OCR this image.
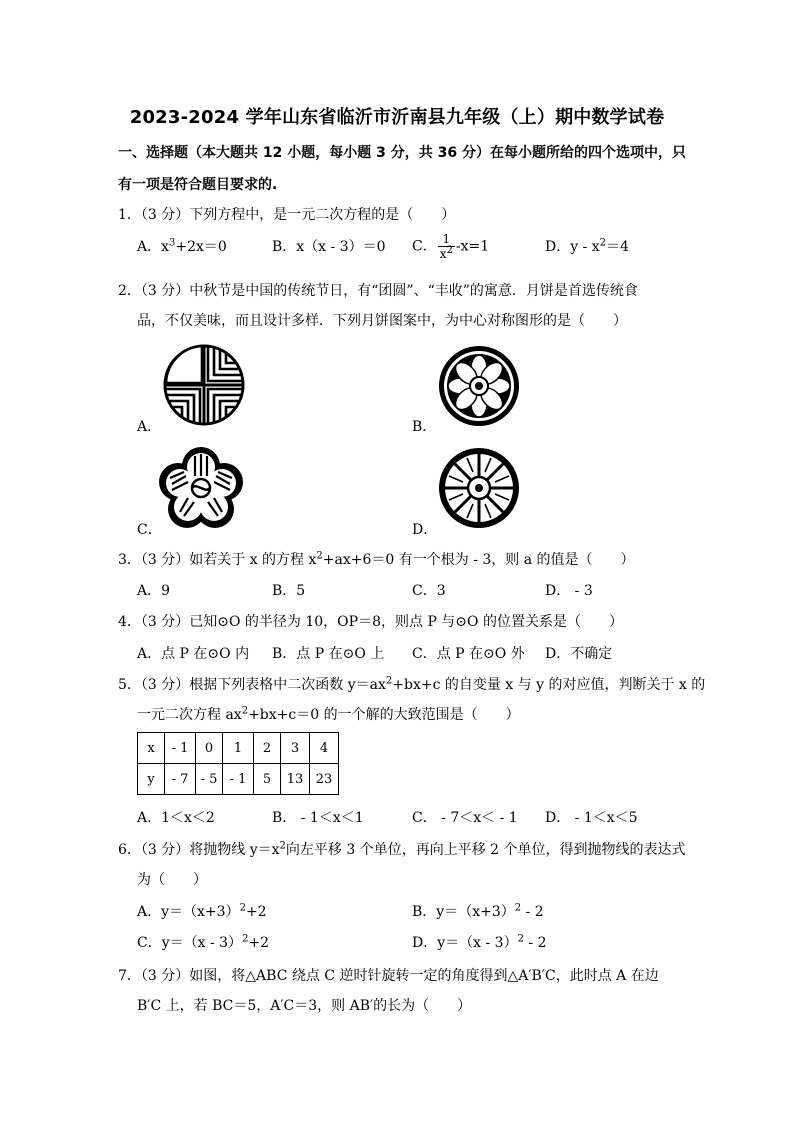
2023-2024 学年山东省临沂市沂南县九年级（上）期中数学试卷
一、选择题（本大题共 12 小题，每小题 3 分，共 36 分）在每小题所给的四个选项中，只
有一项是符合题目要求的.
1．（3 分）下列方程中，是一元二次方程的是（　　）
A．$x^3+2x=0$	B．x（x - 3）＝0 C． $\frac{1}{x^2} -x=1$	D．$y - x^2=4$
2．（3 分）中秋节是中国的传统节日，有“团圆”、“丰收”的寓意．月饼是首选传统食
品，不仅美味，而且设计多样．下列月饼图案中，为中心对称图形的是（　　）
A．	B．
C．	D．
3．（3 分）如若关于 x 的方程 $x^2+ax+6=0$ 有一个根为 - 3，则 a 的值是（　　）
A．9	B．5	C．3	D． - 3
4．（3 分）已知⊙O 的半径为 10，OP＝8，则点 P 与⊙O 的位置关系是（　　）
A．点 P 在⊙O 内 B．点 P 在⊙O 上 C．点 P 在⊙O 外 D．不确定
5．（3 分）根据下列表格中二次函数 $y=ax^2+bx+c$ 的自变量 x 与 y 的对应值，判断关于 x 的
一元二次方程 $ax^2+bx+c=0$ 的一个解的大致范围是（　　）
x	- 1	0	1	2	3	4
y	- 7	- 5	- 1	5	13	23
A．1＜x＜2	B． - 1＜x＜1	C． - 7＜x＜ - 1 D． - 1＜x＜5
6．（3 分）将抛物线 $y=x^2$向左平移 3 个单位，再向上平移 2 个单位，得到抛物线的表达式
为（　　）
A．$y=(x+3)^2+2$	B．$y=(x+3)^2 - 2$
C．y＝（x - 3）$^2$+2	D．y＝（x - 3）$^2$ - 2
7．（3 分）如图，将△ABC 绕点 C 逆时针旋转一定的角度得到△A′B′C，此时点 A 在边
B′C 上，若 BC＝5，A′C＝3，则 AB′的长为（　　）
